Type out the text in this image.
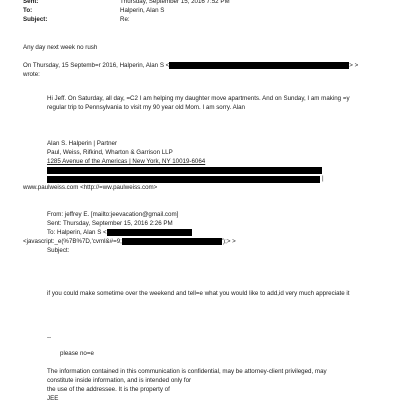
Sent:	Thursday, September 15, 2016 7:52 PM
To:	Halperin, Alan S
Subject:	Re:
Any day next week no rush
On Thursday, 15 Septemb=r 2016, Halperin, Alan S <	> >
wrote:
Hi Jeff. On Saturday, all day, =C2 I am helping my daughter move apartments. And on Sunday, I am making =y
regular trip to Pennsylvania to visit my 90 year old Mom. I am sorry. Alan
Alan S. Halperin | Partner
Paul, Weiss, Rifkind, Wharton & Garrison LLP
1285 Avenue of the Americas | New York, NY 10019-6064
|
www.paulweiss.com <http://=ww.paulweiss.com>
From: jeffrey E. [mailto:jeevacation@gmail.com]
Sent: Thursday, September 15, 2016 2:26 PM
To: Halperin, Alan S <
<javascript:_e(%7B%7D,'cvml&#=9;	');> >
Subject:
if you could make sometime over the weekend and tell=e what you would like to add,id very much appreciate it
--
please no=e
The information contained in this communication is confidential, may be attorney-client privileged, may
constitute inside information, and is intended only for
the use of the addressee. It is the property of
JEE
